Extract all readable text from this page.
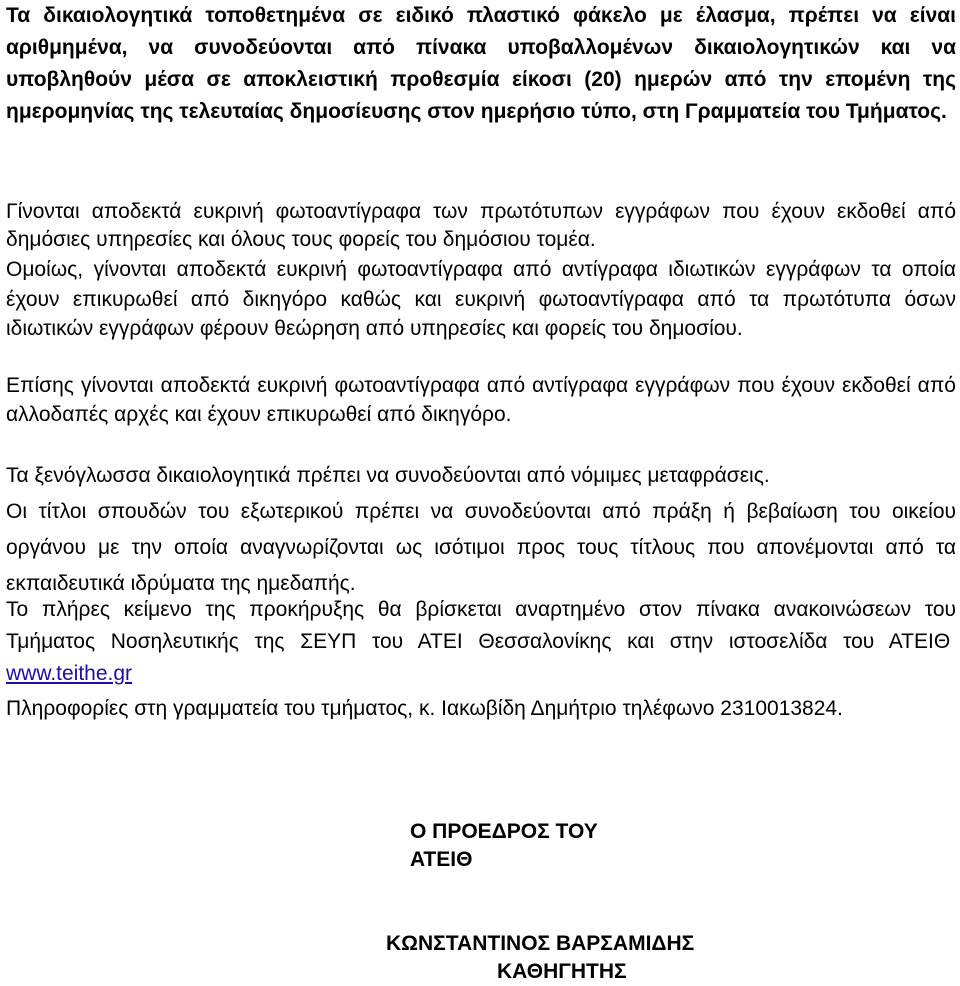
Τα δικαιολογητικά τοποθετημένα σε ειδικό πλαστικό φάκελο με έλασμα, πρέπει να είναι αριθμημένα, να συνοδεύονται από πίνακα υποβαλλομένων δικαιολογητικών και να υποβληθούν μέσα σε αποκλειστική προθεσμία είκοσι (20) ημερών από την επομένη της ημερομηνίας της τελευταίας δημοσίευσης στον ημερήσιο τύπο, στη Γραμματεία του Τμήματος.

Γίνονται αποδεκτά ευκρινή φωτοαντίγραφα των πρωτότυπων εγγράφων που έχουν εκδοθεί από δημόσιες υπηρεσίες και όλους τους φορείς του δημόσιου τομέα.

Ομοίως, γίνονται αποδεκτά ευκρινή φωτοαντίγραφα από αντίγραφα ιδιωτικών εγγράφων τα οποία έχουν επικυρωθεί από δικηγόρο καθώς και ευκρινή φωτοαντίγραφα από τα πρωτότυπα όσων ιδιωτικών εγγράφων φέρουν θεώρηση από υπηρεσίες και φορείς του δημοσίου.

Επίσης γίνονται αποδεκτά ευκρινή φωτοαντίγραφα από αντίγραφα εγγράφων που έχουν εκδοθεί από αλλοδαπές αρχές και έχουν επικυρωθεί από δικηγόρο.

Τα ξενόγλωσσα δικαιολογητικά πρέπει να συνοδεύονται από νόμιμες μεταφράσεις.

Οι τίτλοι σπουδών του εξωτερικού πρέπει να συνοδεύονται από πράξη ή βεβαίωση του οικείου οργάνου με την οποία αναγνωρίζονται ως ισότιμοι προς τους τίτλους που απονέμονται από τα εκπαιδευτικά ιδρύματα της ημεδαπής.

Το πλήρες κείμενο της προκήρυξης θα βρίσκεται αναρτημένο στον πίνακα ανακοινώσεων του Τμήματος Νοσηλευτικής της ΣΕΥΠ του ΑΤΕΙ Θεσσαλονίκης και στην ιστοσελίδα του ΑΤΕΙΘ  www.teithe.gr

Πληροφορίες στη γραμματεία του τμήματος, κ. Ιακωβίδη Δημήτριο τηλέφωνο 2310013824.

Ο ΠΡΟΕΔΡΟΣ ΤΟΥ ΑΤΕΙΘ

ΚΩΝΣΤΑΝΤΙΝΟΣ ΒΑΡΣΑΜΙΔΗΣ

ΚΑΘΗΓΗΤΗΣ
